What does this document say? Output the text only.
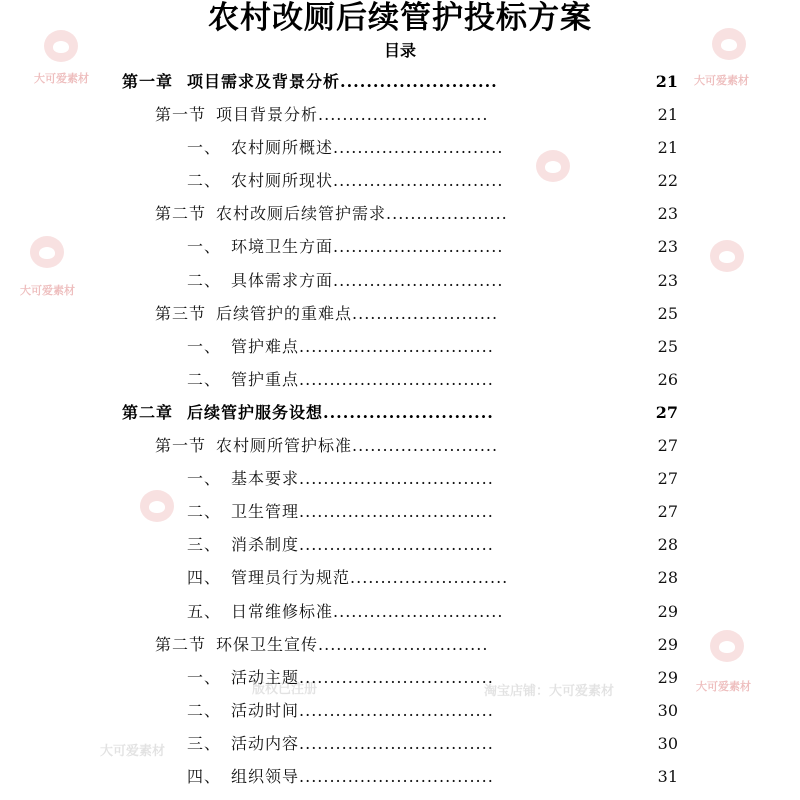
大可爱素材	大可爱素材
大可爱素材
大可爱素材
版权已注册	淘宝店铺：大可爱素材
大可爱素材
农村改厕后续管护投标方案
目录
第一章 项目需求及背景分析........................	21
第一节 项目背景分析............................	21
一、 农村厕所概述............................	21
二、 农村厕所现状............................	22
第二节 农村改厕后续管护需求....................	23
一、 环境卫生方面............................	23
二、 具体需求方面............................	23
第三节 后续管护的重难点........................	25
一、 管护难点................................	25
二、 管护重点................................	26
第二章 后续管护服务设想..........................	27
第一节 农村厕所管护标准........................	27
一、 基本要求................................	27
二、 卫生管理................................	27
三、 消杀制度................................	28
四、 管理员行为规范..........................	28
五、 日常维修标准............................	29
第二节 环保卫生宣传............................	29
一、 活动主题................................	29
二、 活动时间................................	30
三、 活动内容................................	30
四、 组织领导................................	31
